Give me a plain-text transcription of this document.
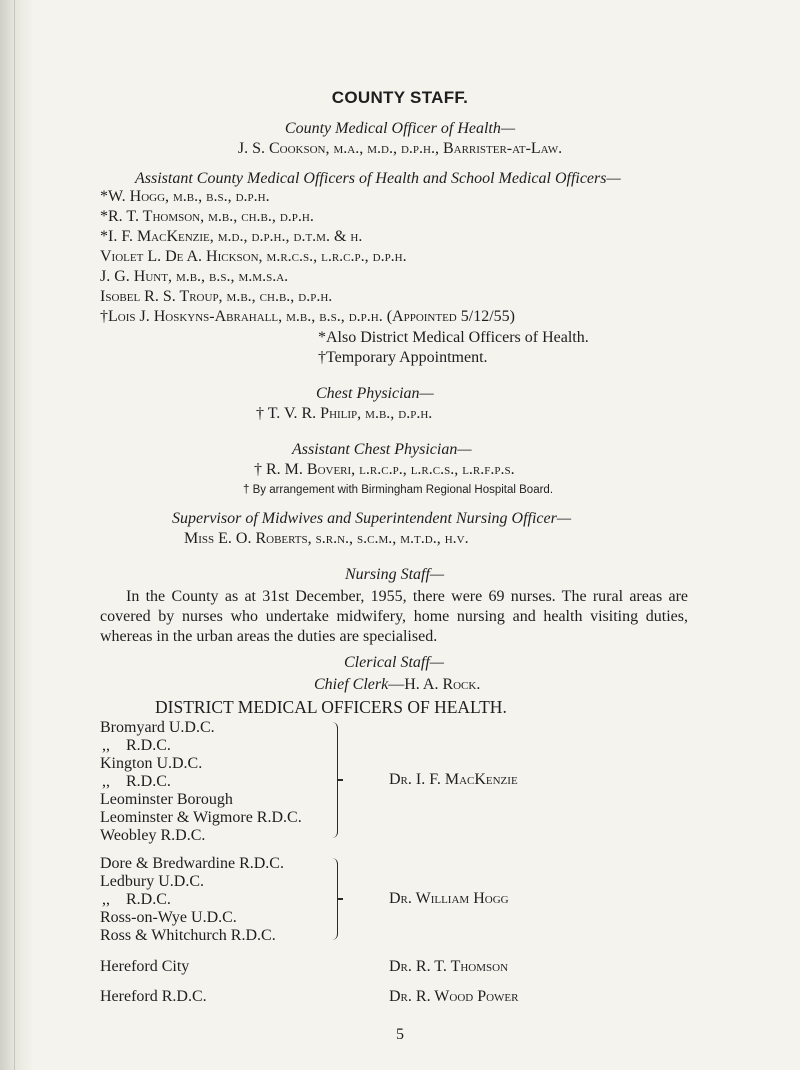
COUNTY STAFF.
County Medical Officer of Health—
J. S. Cookson, m.a., m.d., d.p.h., Barrister-at-Law.
Assistant County Medical Officers of Health and School Medical Officers—
*W. Hogg, m.b., b.s., d.p.h.
*R. T. Thomson, m.b., ch.b., d.p.h.
*I. F. MacKenzie, m.d., d.p.h., d.t.m. & h.
Violet L. De A. Hickson, m.r.c.s., l.r.c.p., d.p.h.
J. G. Hunt, m.b., b.s., m.m.s.a.
Isobel R. S. Troup, m.b., ch.b., d.p.h.
†Lois J. Hoskyns-Abrahall, m.b., b.s., d.p.h. (Appointed 5/12/55)
*Also District Medical Officers of Health.
†Temporary Appointment.
Chest Physician—
† T. V. R. Philip, m.b., d.p.h.
Assistant Chest Physician—
† R. M. Boveri, l.r.c.p., l.r.c.s., l.r.f.p.s.
† By arrangement with Birmingham Regional Hospital Board.
Supervisor of Midwives and Superintendent Nursing Officer—
Miss E. O. Roberts, s.r.n., s.c.m., m.t.d., h.v.
Nursing Staff—
In the County as at 31st December, 1955, there were 69 nurses. The rural areas are covered by nurses who undertake midwifery, home nursing and health visiting duties, whereas in the urban areas the duties are specialised.
Clerical Staff—
Chief Clerk—H. A. Rock.
DISTRICT MEDICAL OFFICERS OF HEALTH.
Bromyard U.D.C.
,,    R.D.C.
Kington U.D.C.
,,    R.D.C.
Leominster Borough
Leominster & Wigmore R.D.C.
Weobley R.D.C.
Dr. I. F. MacKenzie
Dore & Bredwardine R.D.C.
Ledbury U.D.C.
,,    R.D.C.
Ross-on-Wye U.D.C.
Ross & Whitchurch R.D.C.
Dr. William Hogg
Hereford City	Dr. R. T. Thomson
Hereford R.D.C.	Dr. R. Wood Power
5
